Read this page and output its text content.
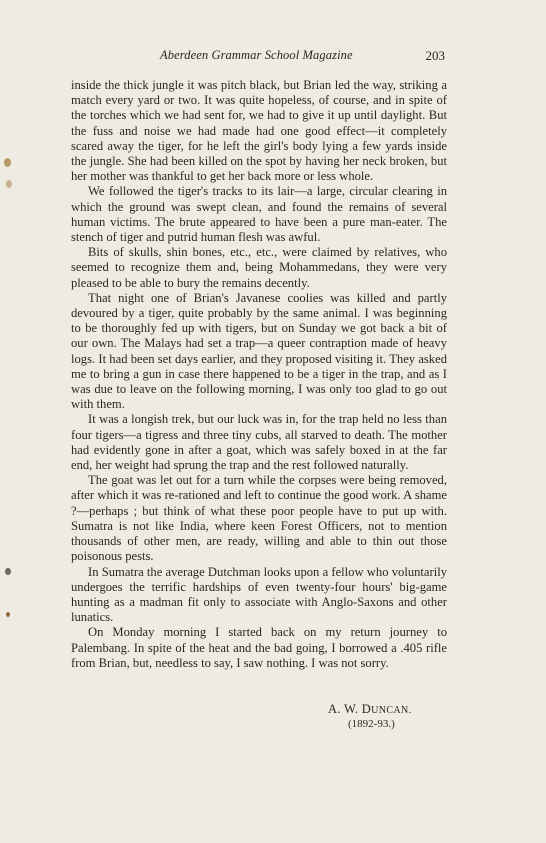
Aberdeen Grammar School Magazine	203

inside the thick jungle it was pitch black, but Brian led the way, striking a match every yard or two. It was quite hopeless, of course, and in spite of the torches which we had sent for, we had to give it up until daylight. But the fuss and noise we had made had one good effect—it completely scared away the tiger, for he left the girl's body lying a few yards inside the jungle. She had been killed on the spot by having her neck broken, but her mother was thankful to get her back more or less whole.

We followed the tiger's tracks to its lair—a large, circular clearing in which the ground was swept clean, and found the remains of several human victims. The brute appeared to have been a pure man-eater. The stench of tiger and putrid human flesh was awful.

Bits of skulls, shin bones, etc., etc., were claimed by relatives, who seemed to recognize them and, being Mohammedans, they were very pleased to be able to bury the remains decently.

That night one of Brian's Javanese coolies was killed and partly devoured by a tiger, quite probably by the same animal. I was beginning to be thoroughly fed up with tigers, but on Sunday we got back a bit of our own. The Malays had set a trap—a queer contraption made of heavy logs. It had been set days earlier, and they proposed visiting it. They asked me to bring a gun in case there happened to be a tiger in the trap, and as I was due to leave on the following morning, I was only too glad to go out with them.

It was a longish trek, but our luck was in, for the trap held no less than four tigers—a tigress and three tiny cubs, all starved to death. The mother had evidently gone in after a goat, which was safely boxed in at the far end, her weight had sprung the trap and the rest followed naturally.

The goat was let out for a turn while the corpses were being removed, after which it was re-rationed and left to continue the good work. A shame ?—perhaps ; but think of what these poor people have to put up with. Sumatra is not like India, where keen Forest Officers, not to mention thousands of other men, are ready, willing and able to thin out those poisonous pests.

In Sumatra the average Dutchman looks upon a fellow who voluntarily undergoes the terrific hardships of even twenty-four hours' big-game hunting as a madman fit only to associate with Anglo-Saxons and other lunatics.

On Monday morning I started back on my return journey to Palembang. In spite of the heat and the bad going, I borrowed a .405 rifle from Brian, but, needless to say, I saw nothing. I was not sorry.

A. W. DUNCAN.
(1892-93.)
